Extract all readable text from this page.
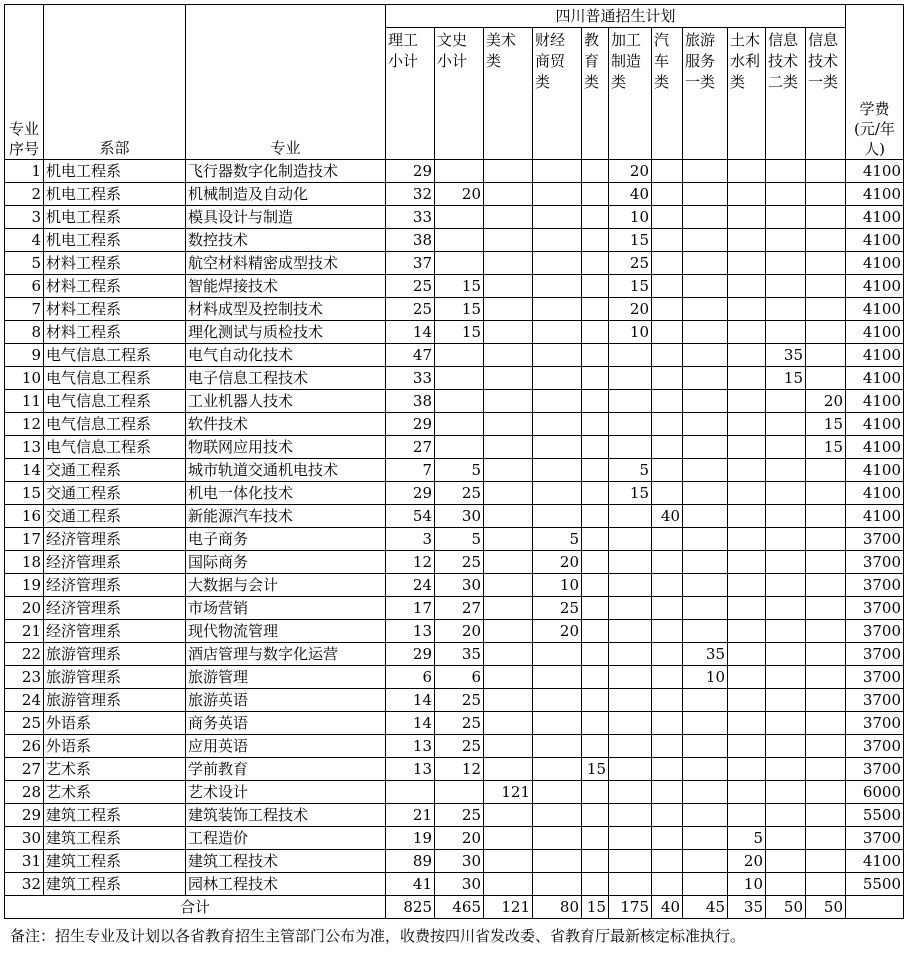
专业序号	系部	专业	四川普通招生计划											学费(元/年人)
			理工小计	文史小计	美术类	财经商贸类	教育类	加工制造类	汽车类	旅游服务一类	土木水利类	信息技术二类	信息技术一类	
1	机电工程系	飞行器数字化制造技术	29					20						4100
2	机电工程系	机械制造及自动化	32	20				40						4100
3	机电工程系	模具设计与制造	33					10						4100
4	机电工程系	数控技术	38					15						4100
5	材料工程系	航空材料精密成型技术	37					25						4100
6	材料工程系	智能焊接技术	25	15				15						4100
7	材料工程系	材料成型及控制技术	25	15				20						4100
8	材料工程系	理化测试与质检技术	14	15				10						4100
9	电气信息工程系	电气自动化技术	47									35		4100
10	电气信息工程系	电子信息工程技术	33									15		4100
11	电气信息工程系	工业机器人技术	38										20	4100
12	电气信息工程系	软件技术	29										15	4100
13	电气信息工程系	物联网应用技术	27										15	4100
14	交通工程系	城市轨道交通机电技术	7	5				5						4100
15	交通工程系	机电一体化技术	29	25				15						4100
16	交通工程系	新能源汽车技术	54	30					40					4100
17	经济管理系	电子商务	3	5		5								3700
18	经济管理系	国际商务	12	25		20								3700
19	经济管理系	大数据与会计	24	30		10								3700
20	经济管理系	市场营销	17	27		25								3700
21	经济管理系	现代物流管理	13	20		20								3700
22	旅游管理系	酒店管理与数字化运营	29	35						35				3700
23	旅游管理系	旅游管理	6	6						10				3700
24	旅游管理系	旅游英语	14	25										3700
25	外语系	商务英语	14	25										3700
26	外语系	应用英语	13	25										3700
27	艺术系	学前教育	13	12			15							3700
28	艺术系	艺术设计			121									6000
29	建筑工程系	建筑装饰工程技术	21	25										5500
30	建筑工程系	工程造价	19	20							5			3700
31	建筑工程系	建筑工程技术	89	30							20			4100
32	建筑工程系	园林工程技术	41	30							10			5500
合计			825	465	121	80	15	175	40	45	35	50	50	
备注：招生专业及计划以各省教育招生主管部门公布为准，收费按四川省发改委、省教育厅最新核定标准执行。
